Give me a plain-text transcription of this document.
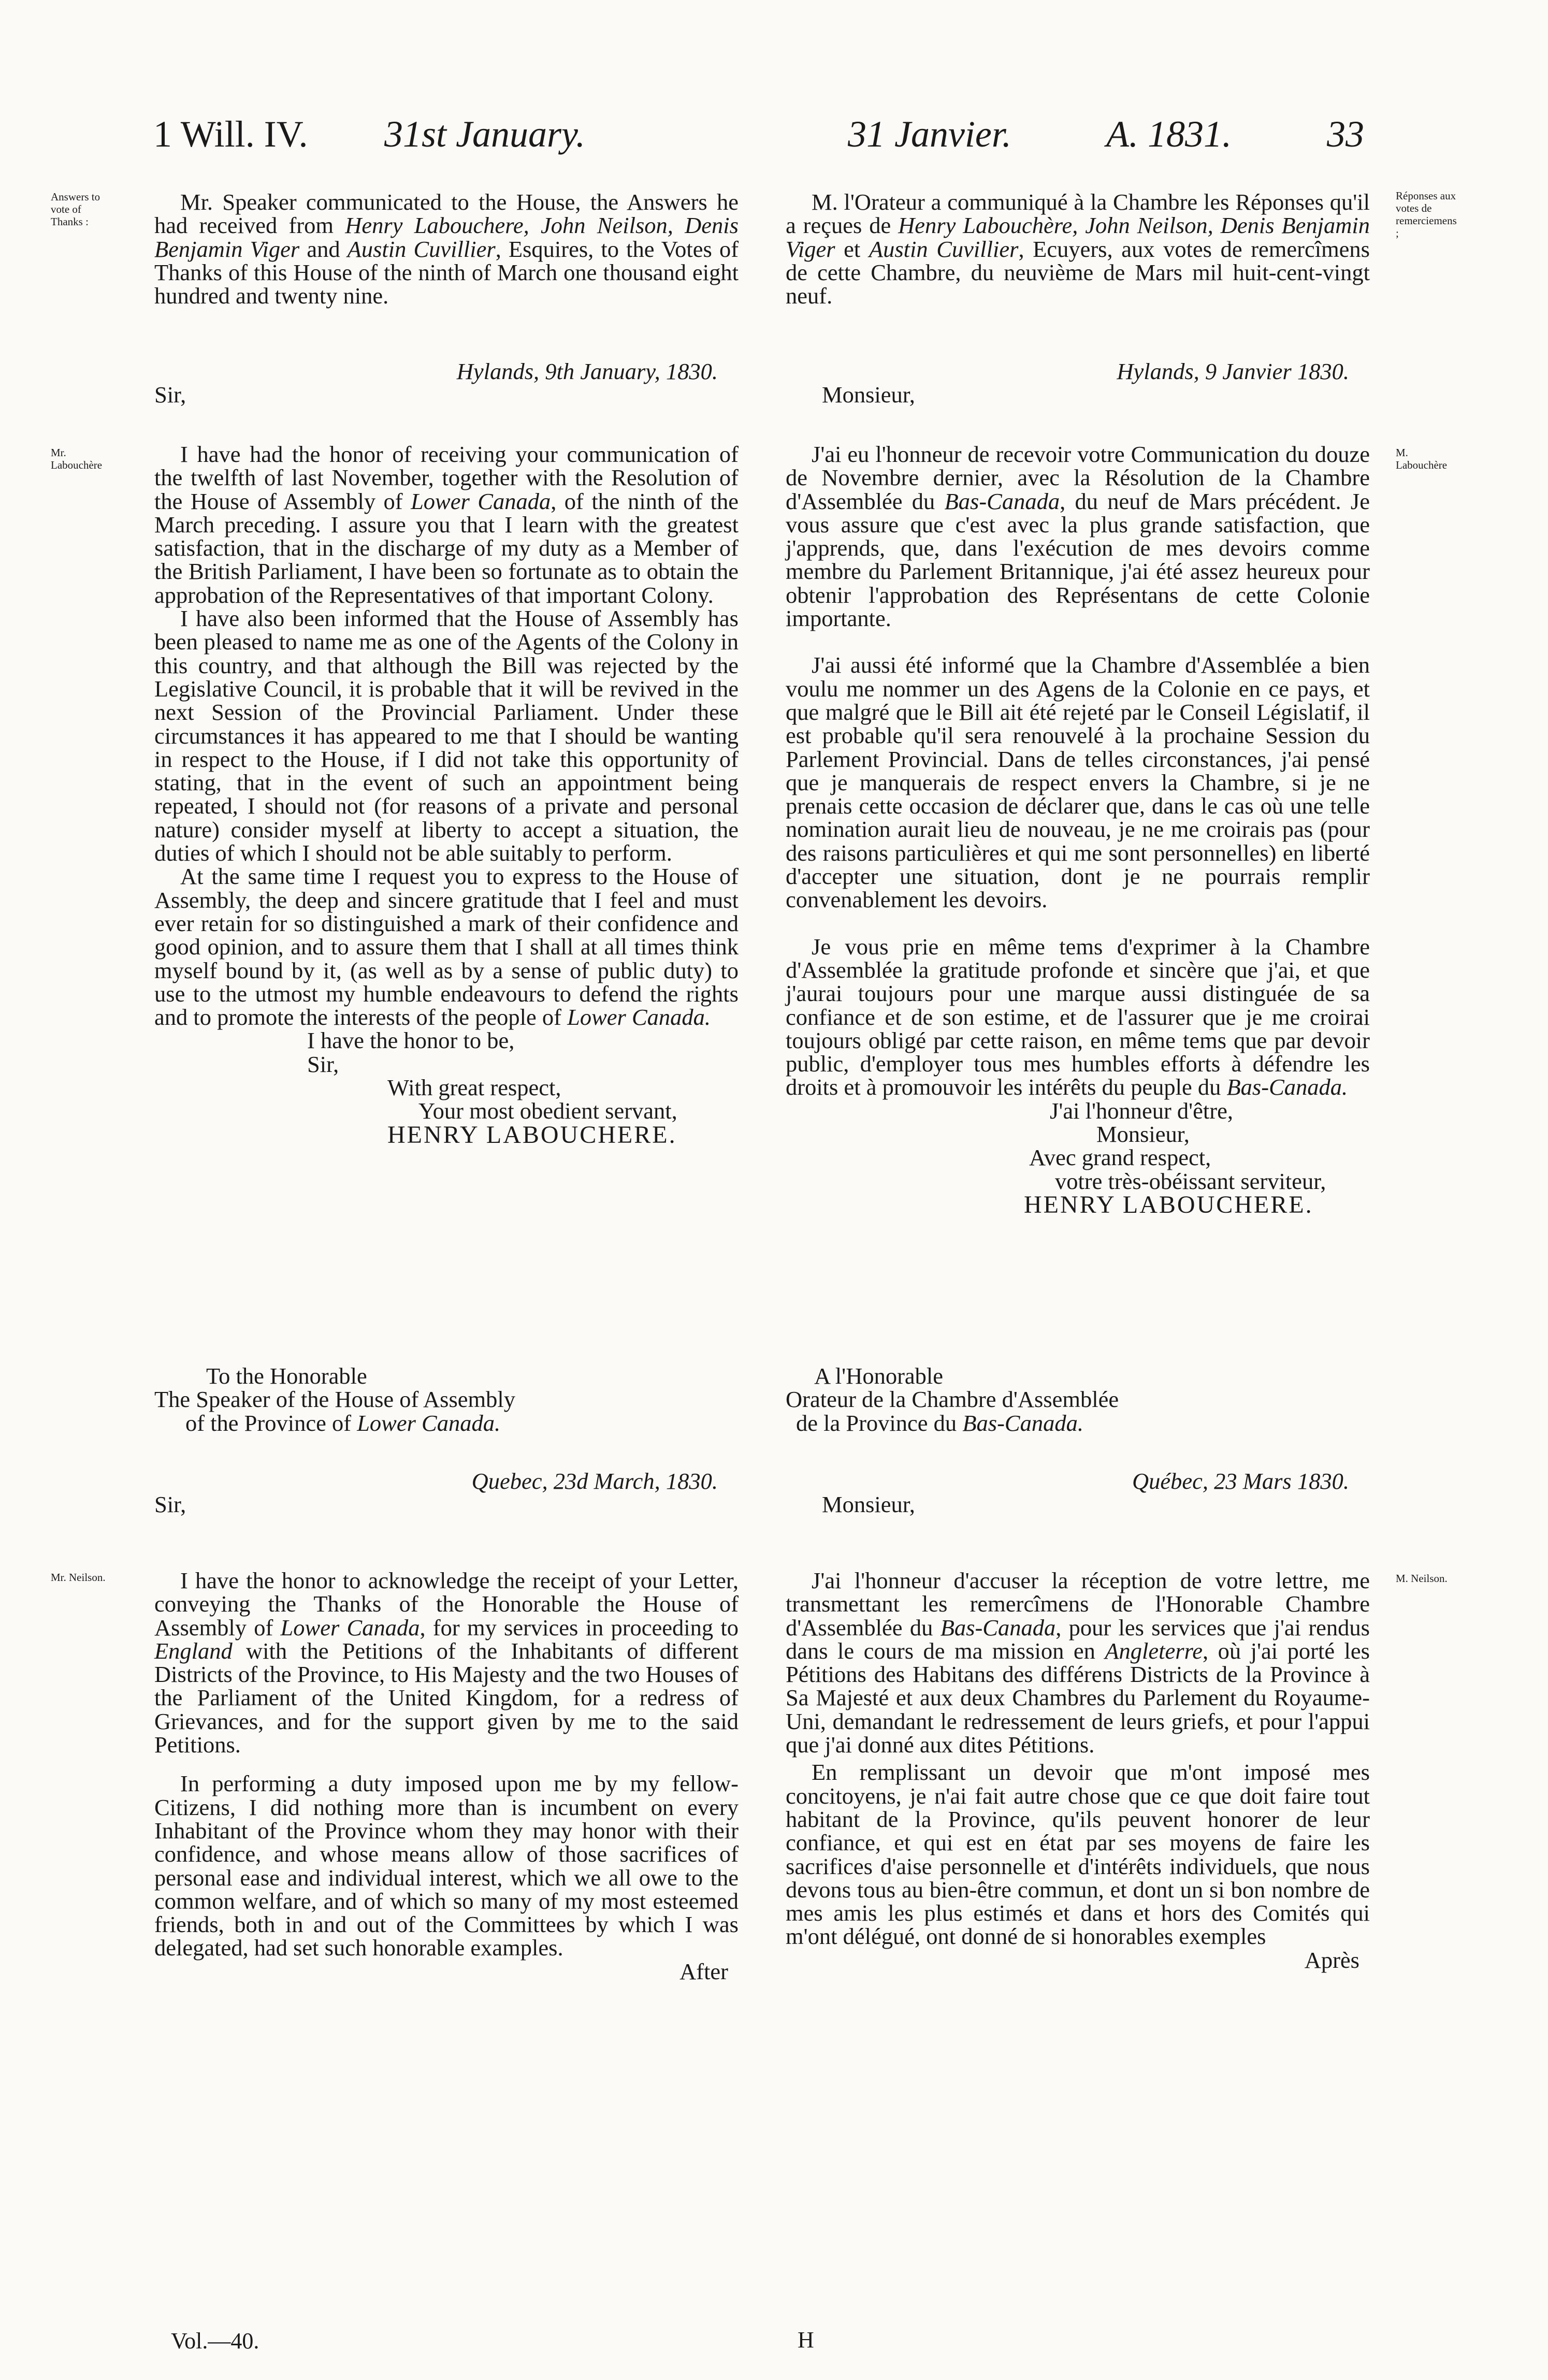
1 Will. IV. 31st January.	31 Janvier.	A. 1831.	33
Answers to vote of Thanks :
Réponses aux votes de remerciemens ;
Mr. Labouchère
M. Labouchère
Mr. Neilson.	M. Neilson.

Mr. Speaker communicated to the House, the Answers he had received from Henry Labouchere, John Neilson, Denis Benjamin Viger and Austin Cuvillier, Esquires, to the Votes of Thanks of this House of the ninth of March one thousand eight hundred and twenty nine.

Hylands, 9th January, 1830.

Sir,

I have had the honor of receiving your communication of the twelfth of last November, together with the Resolution of the House of Assembly of Lower Canada, of the ninth of the March preceding. I assure you that I learn with the greatest satisfaction, that in the discharge of my duty as a Member of the British Parliament, I have been so fortunate as to obtain the approbation of the Representatives of that important Colony.

I have also been informed that the House of Assembly has been pleased to name me as one of the Agents of the Colony in this country, and that although the Bill was rejected by the Legislative Council, it is probable that it will be revived in the next Session of the Provincial Parliament. Under these circumstances it has appeared to me that I should be wanting in respect to the House, if I did not take this opportunity of stating, that in the event of such an appointment being repeated, I should not (for reasons of a private and personal nature) consider myself at liberty to accept a situation, the duties of which I should not be able suitably to perform.

At the same time I request you to express to the House of Assembly, the deep and sincere gratitude that I feel and must ever retain for so distinguished a mark of their confidence and good opinion, and to assure them that I shall at all times think myself bound by it, (as well as by a sense of public duty) to use to the utmost my humble endeavours to defend the rights and to promote the interests of the people of Lower Canada.

I have the honor to be,

Sir,

With great respect,

Your most obedient servant,

HENRY LABOUCHERE.

To the Honorable

The Speaker of the House of Assembly

of the Province of Lower Canada.

Quebec, 23d March, 1830.

Sir,

I have the honor to acknowledge the receipt of your Letter, conveying the Thanks of the Honorable the House of Assembly of Lower Canada, for my services in proceeding to England with the Petitions of the Inhabitants of different Districts of the Province, to His Majesty and the two Houses of the Parliament of the United Kingdom, for a redress of Grievances, and for the support given by me to the said Petitions.

In performing a duty imposed upon me by my fellow-Citizens, I did nothing more than is incumbent on every Inhabitant of the Province whom they may honor with their confidence, and whose means allow of those sacrifices of personal ease and individual interest, which we all owe to the common welfare, and of which so many of my most esteemed friends, both in and out of the Committees by which I was delegated, had set such honorable examples.

After

Vol.—40.

M. l'Orateur a communiqué à la Chambre les Réponses qu'il a reçues de Henry Labouchère, John Neilson, Denis Benjamin Viger et Austin Cuvillier, Ecuyers, aux votes de remercîmens de cette Chambre, du neuvième de Mars mil huit-cent-vingt neuf.

Hylands, 9 Janvier 1830.

Monsieur,

J'ai eu l'honneur de recevoir votre Communication du douze de Novembre dernier, avec la Résolution de la Chambre d'Assemblée du Bas-Canada, du neuf de Mars précédent. Je vous assure que c'est avec la plus grande satisfaction, que j'apprends, que, dans l'exécution de mes devoirs comme membre du Parlement Britannique, j'ai été assez heureux pour obtenir l'approbation des Représentans de cette Colonie importante.

J'ai aussi été informé que la Chambre d'Assemblée a bien voulu me nommer un des Agens de la Colonie en ce pays, et que malgré que le Bill ait été rejeté par le Conseil Législatif, il est probable qu'il sera renouvelé à la prochaine Session du Parlement Provincial. Dans de telles circonstances, j'ai pensé que je manquerais de respect envers la Chambre, si je ne prenais cette occasion de déclarer que, dans le cas où une telle nomination aurait lieu de nouveau, je ne me croirais pas (pour des raisons particulières et qui me sont personnelles) en liberté d'accepter une situation, dont je ne pourrais remplir convenablement les devoirs.

Je vous prie en même tems d'exprimer à la Chambre d'Assemblée la gratitude profonde et sincère que j'ai, et que j'aurai toujours pour une marque aussi distinguée de sa confiance et de son estime, et de l'assurer que je me croirai toujours obligé par cette raison, en même tems que par devoir public, d'employer tous mes humbles efforts à défendre les droits et à promouvoir les intérêts du peuple du Bas-Canada.

J'ai l'honneur d'être,

Monsieur,

Avec grand respect,

votre très-obéissant serviteur,

HENRY LABOUCHERE.

A l'Honorable

Orateur de la Chambre d'Assemblée

de la Province du Bas-Canada.

Québec, 23 Mars 1830.

Monsieur,

J'ai l'honneur d'accuser la réception de votre lettre, me transmettant les remercîmens de l'Honorable Chambre d'Assemblée du Bas-Canada, pour les services que j'ai rendus dans le cours de ma mission en Angleterre, où j'ai porté les Pétitions des Habitans des différens Districts de la Province à Sa Majesté et aux deux Chambres du Parlement du Royaume-Uni, demandant le redressement de leurs griefs, et pour l'appui que j'ai donné aux dites Pétitions.

En remplissant un devoir que m'ont imposé mes concitoyens, je n'ai fait autre chose que ce que doit faire tout habitant de la Province, qu'ils peuvent honorer de leur confiance, et qui est en état par ses moyens de faire les sacrifices d'aise personnelle et d'intérêts individuels, que nous devons tous au bien-être commun, et dont un si bon nombre de mes amis les plus estimés et dans et hors des Comités qui m'ont délégué, ont donné de si honorables exemples

Après

H
